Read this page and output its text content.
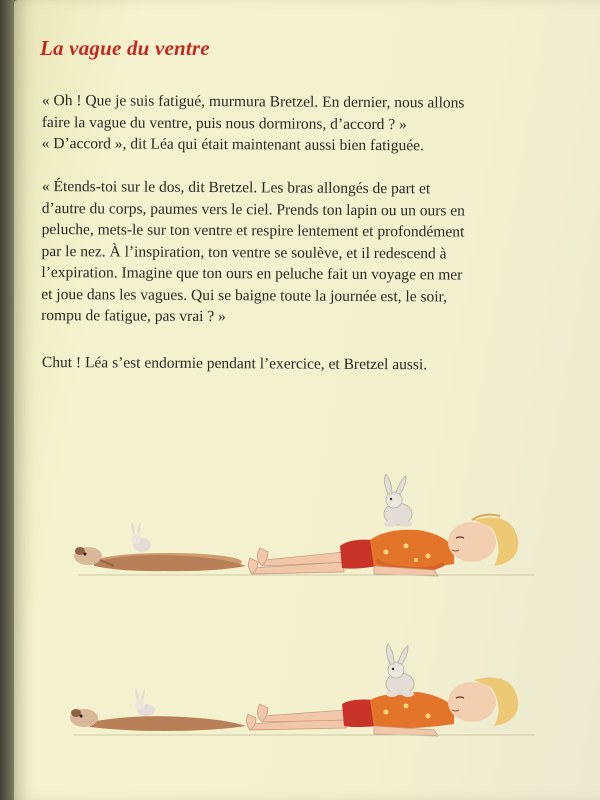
La vague du ventre

« Oh ! Que je suis fatigué, murmura Bretzel. En dernier, nous allons
faire la vague du ventre, puis nous dormirons, d’accord ? »
« D’accord », dit Léa qui était maintenant aussi bien fatiguée.

« Étends-toi sur le dos, dit Bretzel. Les bras allongés de part et
d’autre du corps, paumes vers le ciel. Prends ton lapin ou un ours en
peluche, mets-le sur ton ventre et respire lentement et profondément
par le nez. À l’inspiration, ton ventre se soulève, et il redescend à
l’expiration. Imagine que ton ours en peluche fait un voyage en mer
et joue dans les vagues. Qui se baigne toute la journée est, le soir,
rompu de fatigue, pas vrai ? »

Chut ! Léa s’est endormie pendant l’exercice, et Bretzel aussi.
